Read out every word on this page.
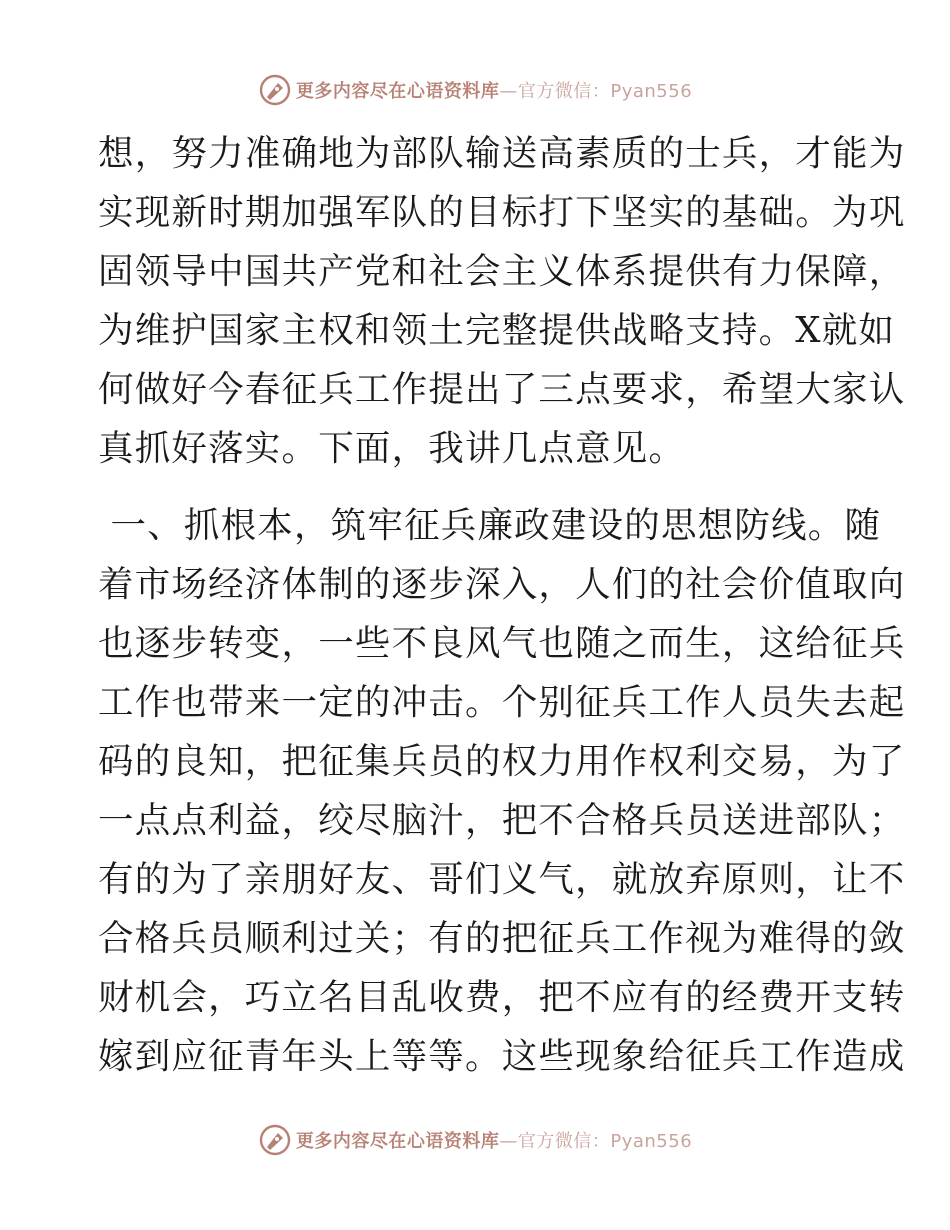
更多内容尽在心语资料库—官方微信：Pyan556
想，努力准确地为部队输送高素质的士兵，才能为
实现新时期加强军队的目标打下坚实的基础。为巩
固领导中国共产党和社会主义体系提供有力保障，
为维护国家主权和领土完整提供战略支持。X就如
何做好今春征兵工作提出了三点要求，希望大家认
真抓好落实。下面，我讲几点意见。
一、抓根本，筑牢征兵廉政建设的思想防线。随
着市场经济体制的逐步深入，人们的社会价值取向
也逐步转变，一些不良风气也随之而生，这给征兵
工作也带来一定的冲击。个别征兵工作人员失去起
码的良知，把征集兵员的权力用作权利交易，为了
一点点利益，绞尽脑汁，把不合格兵员送进部队；
有的为了亲朋好友、哥们义气，就放弃原则，让不
合格兵员顺利过关；有的把征兵工作视为难得的敛
财机会，巧立名目乱收费，把不应有的经费开支转
嫁到应征青年头上等等。这些现象给征兵工作造成
更多内容尽在心语资料库—官方微信：Pyan556
